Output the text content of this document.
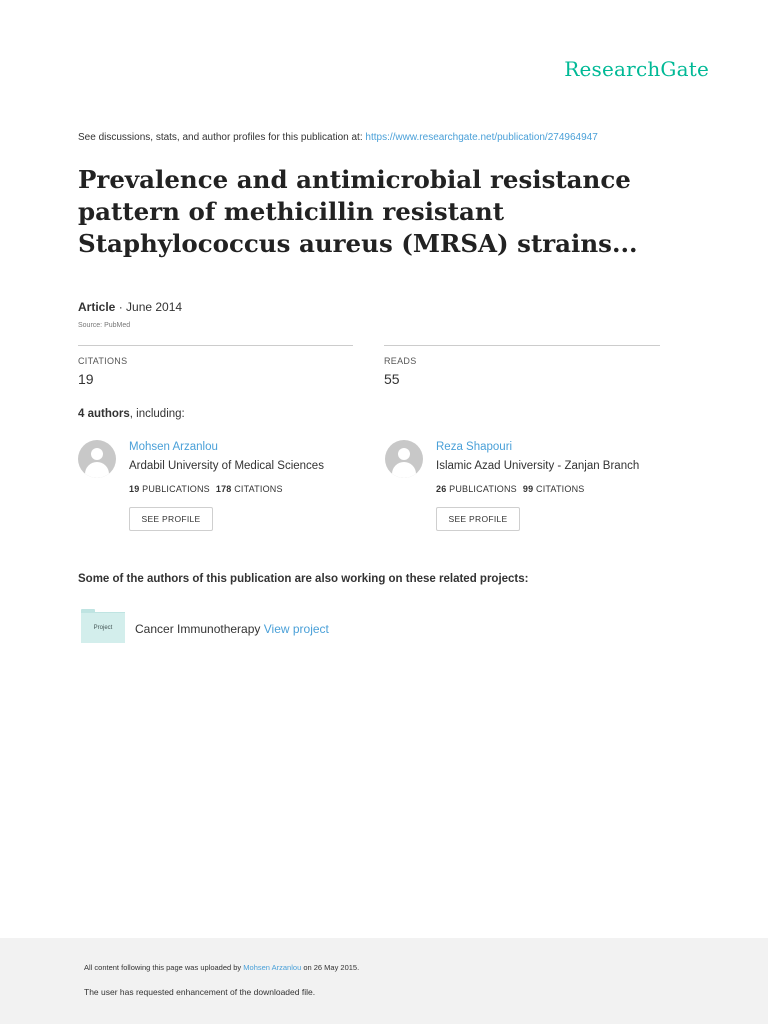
ResearchGate
See discussions, stats, and author profiles for this publication at: https://www.researchgate.net/publication/274964947
Prevalence and antimicrobial resistance pattern of methicillin resistant Staphylococcus aureus (MRSA) strains...
Article · June 2014
Source: PubMed
CITATIONS
19
READS
55
4 authors, including:
Mohsen Arzanlou
Ardabil University of Medical Sciences
19 PUBLICATIONS 178 CITATIONS
SEE PROFILE
Reza Shapouri
Islamic Azad University - Zanjan Branch
26 PUBLICATIONS 99 CITATIONS
SEE PROFILE
Some of the authors of this publication are also working on these related projects:
Project	Cancer Immunotherapy View project
All content following this page was uploaded by Mohsen Arzanlou on 26 May 2015.
The user has requested enhancement of the downloaded file.
